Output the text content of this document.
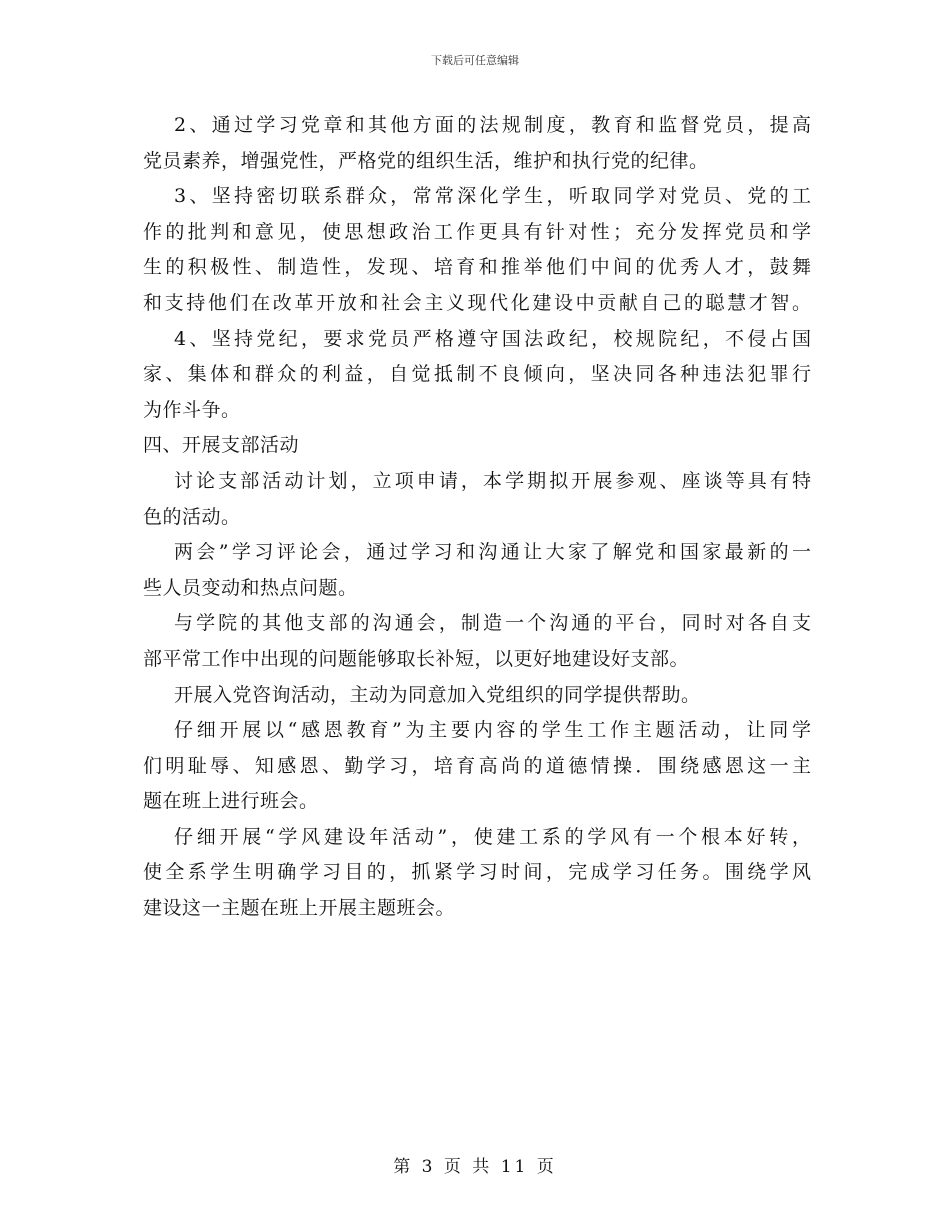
下载后可任意编辑
2、通过学习党章和其他方面的法规制度，教育和监督党员，提高
党员素养，增强党性，严格党的组织生活，维护和执行党的纪律。
3、坚持密切联系群众，常常深化学生，听取同学对党员、党的工
作的批判和意见，使思想政治工作更具有针对性；充分发挥党员和学
生的积极性、制造性，发现、培育和推举他们中间的优秀人才，鼓舞
和支持他们在改革开放和社会主义现代化建设中贡献自己的聪慧才智。
4、坚持党纪，要求党员严格遵守国法政纪，校规院纪，不侵占国
家、集体和群众的利益，自觉抵制不良倾向，坚决同各种违法犯罪行
为作斗争。
四、开展支部活动
讨论支部活动计划，立项申请，本学期拟开展参观、座谈等具有特
色的活动。
两会”学习评论会，通过学习和沟通让大家了解党和国家最新的一
些人员变动和热点问题。
与学院的其他支部的沟通会，制造一个沟通的平台，同时对各自支
部平常工作中出现的问题能够取长补短，以更好地建设好支部。
开展入党咨询活动，主动为同意加入党组织的同学提供帮助。
仔细开展以“感恩教育”为主要内容的学生工作主题活动，让同学
们明耻辱、知感恩、勤学习，培育高尚的道德情操．围绕感恩这一主
题在班上进行班会。
仔细开展“学风建设年活动”，使建工系的学风有一个根本好转，
使全系学生明确学习目的，抓紧学习时间，完成学习任务。围绕学风
建设这一主题在班上开展主题班会。
第 3 页 共 11 页
